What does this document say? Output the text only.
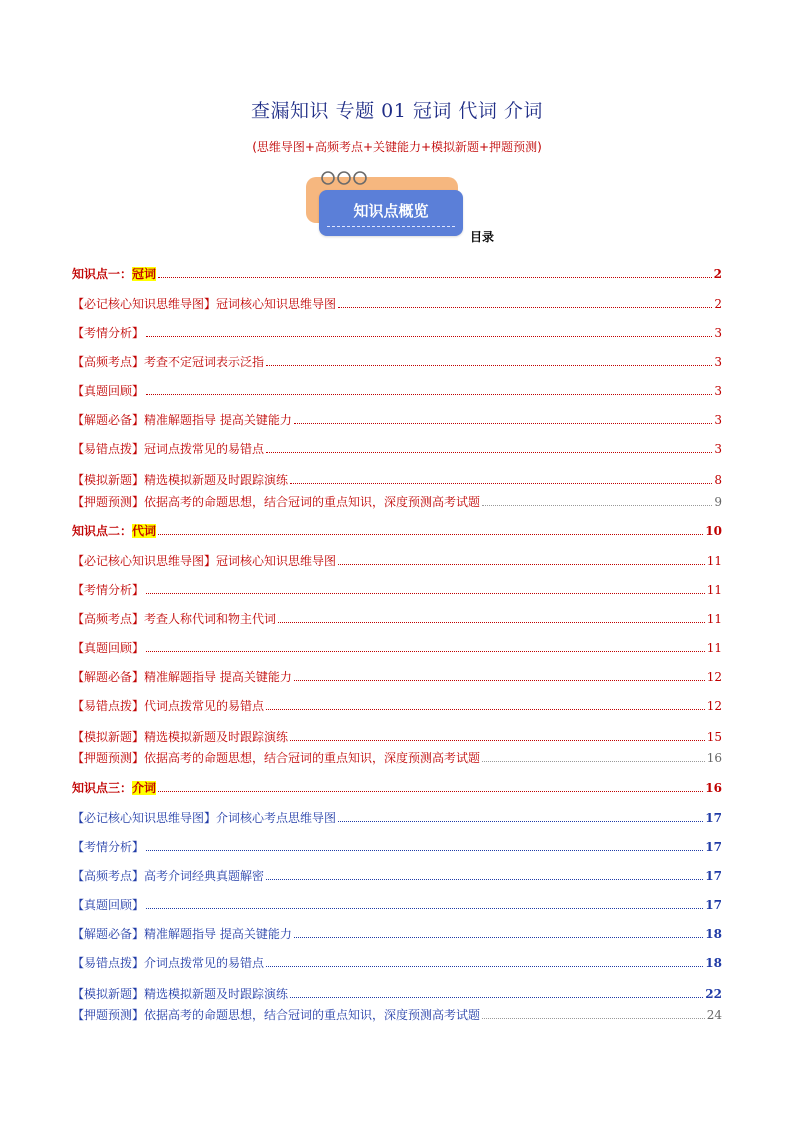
查漏知识 专题 01 冠词 代词 介词
(思维导图+高频考点+关键能力+模拟新题+押题预测)
知识点概览
目录
知识点一：冠词	2
【必记核心知识思维导图】冠词核心知识思维导图	2
【考情分析】	3
【高频考点】考查不定冠词表示泛指	3
【真题回顾】	3
【解题必备】精准解题指导 提高关键能力	3
【易错点拨】冠词点拨常见的易错点	3
【模拟新题】精选模拟新题及时跟踪演练	8
【押题预测】依据高考的命题思想，结合冠词的重点知识，深度预测高考试题	9
知识点二：代词	10
【必记核心知识思维导图】冠词核心知识思维导图	11
【考情分析】	11
【高频考点】考查人称代词和物主代词	11
【真题回顾】	11
【解题必备】精准解题指导 提高关键能力	12
【易错点拨】代词点拨常见的易错点	12
【模拟新题】精选模拟新题及时跟踪演练	15
【押题预测】依据高考的命题思想，结合冠词的重点知识，深度预测高考试题	16
知识点三：介词	16
【必记核心知识思维导图】介词核心考点思维导图	17
【考情分析】	17
【高频考点】高考介词经典真题解密	17
【真题回顾】	17
【解题必备】精准解题指导 提高关键能力	18
【易错点拨】介词点拨常见的易错点	18
【模拟新题】精选模拟新题及时跟踪演练	22
【押题预测】依据高考的命题思想，结合冠词的重点知识，深度预测高考试题	24
